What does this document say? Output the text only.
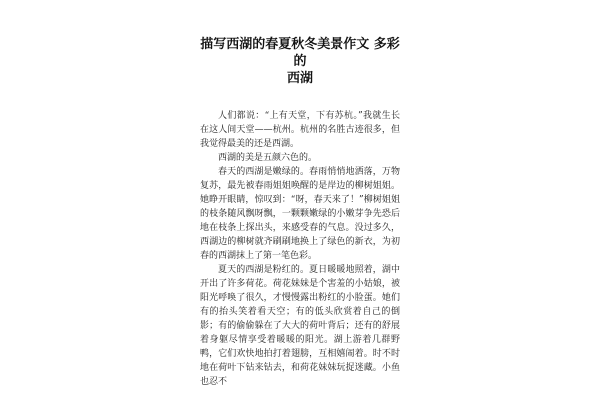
描写西湖的春夏秋冬美景作文 多彩的
西湖

人们都说：“上有天堂，下有苏杭。”我就生长在这人间天堂——杭州。杭州的名胜古迹很多，但我觉得最美的还是西湖。

西湖的美是五颜六色的。

春天的西湖是嫩绿的。春雨悄悄地洒落，万物复苏，最先被春雨姐姐唤醒的是岸边的柳树姐姐。她睁开眼睛，惊叹到：“呀，春天来了！”柳树姐姐的枝条随风飘呀飘，一颗颗嫩绿的小嫩芽争先恐后地在枝条上探出头，来感受春的气息。没过多久，西湖边的柳树就齐刷刷地换上了绿色的新衣，为初春的西湖抹上了第一笔色彩。

夏天的西湖是粉红的。夏日暖暖地照着，湖中开出了许多荷花。荷花妹妹是个害羞的小姑娘，被阳光呼唤了很久，才慢慢露出粉红的小脸蛋。她们有的抬头笑着看天空；有的低头欣赏着自己的倒影；有的偷偷躲在了大大的荷叶背后；还有的舒展着身躯尽情享受着暖暖的阳光。湖上游着几群野鸭，它们欢快地拍打着翅膀，互相嬉闹着。时不时地在荷叶下钻来钻去，和荷花妹妹玩捉迷藏。小鱼也忍不
